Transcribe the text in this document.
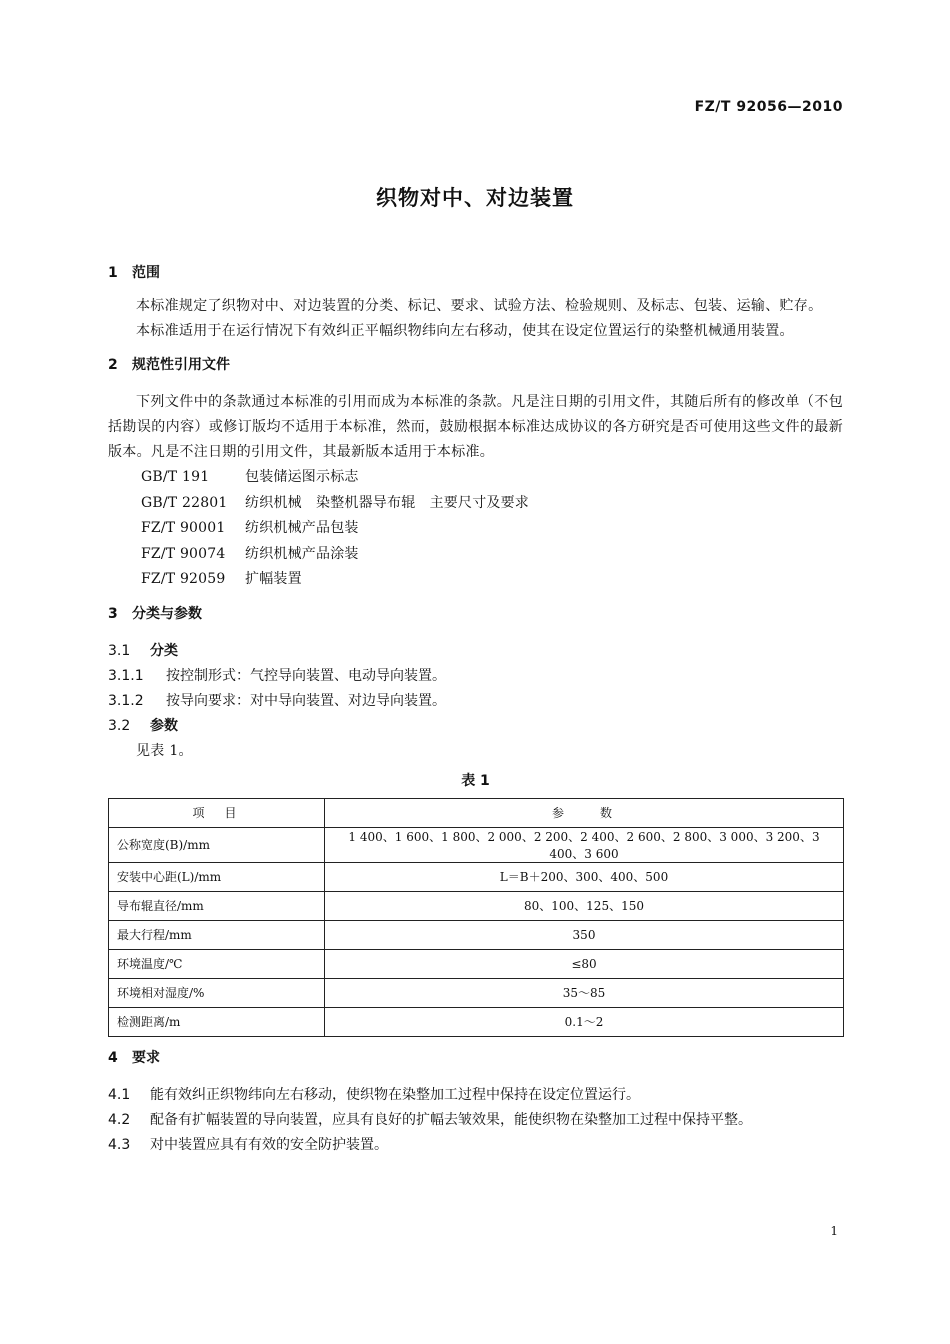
FZ/T 92056—2010
织物对中、对边装置

1 范围

本标准规定了织物对中、对边装置的分类、标记、要求、试验方法、检验规则、及标志、包装、运输、贮存。

本标准适用于在运行情况下有效纠正平幅织物纬向左右移动，使其在设定位置运行的染整机械通用装置。

2 规范性引用文件

下列文件中的条款通过本标准的引用而成为本标准的条款。凡是注日期的引用文件，其随后所有的修改单（不包括勘误的内容）或修订版均不适用于本标准，然而，鼓励根据本标准达成协议的各方研究是否可使用这些文件的最新版本。凡是不注日期的引用文件，其最新版本适用于本标准。

GB/T 191	包装储运图示标志

GB/T 22801 纺织机械　染整机器导布辊　主要尺寸及要求

FZ/T 90001 纺织机械产品包装

FZ/T 90074 纺织机械产品涂装

FZ/T 92059 扩幅装置

3 分类与参数

3.1 分类

3.1.1 按控制形式：气控导向装置、电动导向装置。

3.1.2 按导向要求：对中导向装置、对边导向装置。

3.2 参数

见表 1。

表 1
项　目	参　　数
公称宽度(B)/mm	1 400、1 600、1 800、2 000、2 200、2 400、2 600、2 800、3 000、3 200、3 400、3 600
安装中心距(L)/mm	L＝B＋200、300、400、500
导布辊直径/mm	80、100、125、150
最大行程/mm	350
环境温度/℃	≤80
环境相对湿度/%	35～85
检测距离/m	0.1～2

4 要求

4.1 能有效纠正织物纬向左右移动，使织物在染整加工过程中保持在设定位置运行。

4.2 配备有扩幅装置的导向装置，应具有良好的扩幅去皱效果，能使织物在染整加工过程中保持平整。

4.3 对中装置应具有有效的安全防护装置。

1
